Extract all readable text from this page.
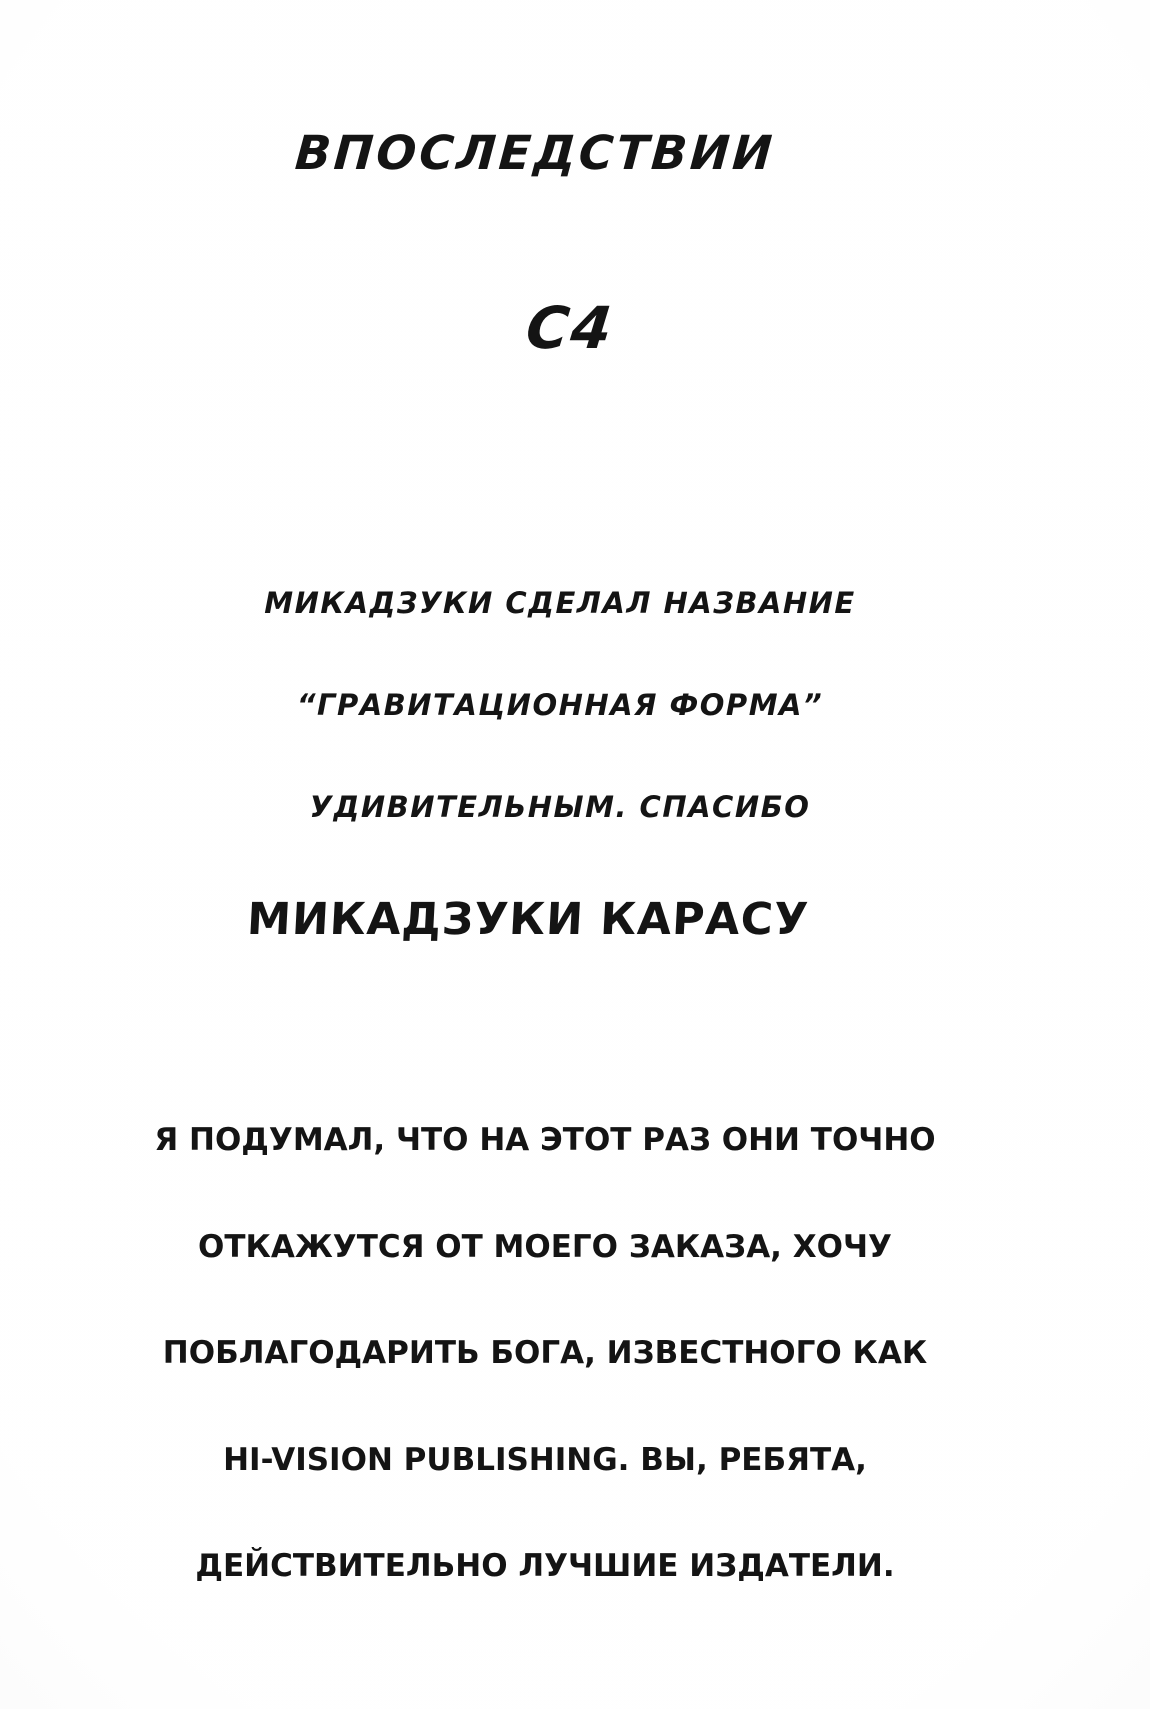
ВПОСЛЕДСТВИИ
C4

МИКАДЗУКИ СДЕЛАЛ НАЗВАНИЕ

“ГРАВИТАЦИОННАЯ ФОРМА”

УДИВИТЕЛЬНЫМ. СПАСИБО

МИКАДЗУКИ КАРАСУ

Я ПОДУМАЛ, ЧТО НА ЭТОТ РАЗ ОНИ ТОЧНО

ОТКАЖУТСЯ ОТ МОЕГО ЗАКАЗА, ХОЧУ

ПОБЛАГОДАРИТЬ БОГА, ИЗВЕСТНОГО КАК

HI-VISION PUBLISHING. ВЫ, РЕБЯТА,

ДЕЙСТВИТЕЛЬНО ЛУЧШИЕ ИЗДАТЕЛИ.
